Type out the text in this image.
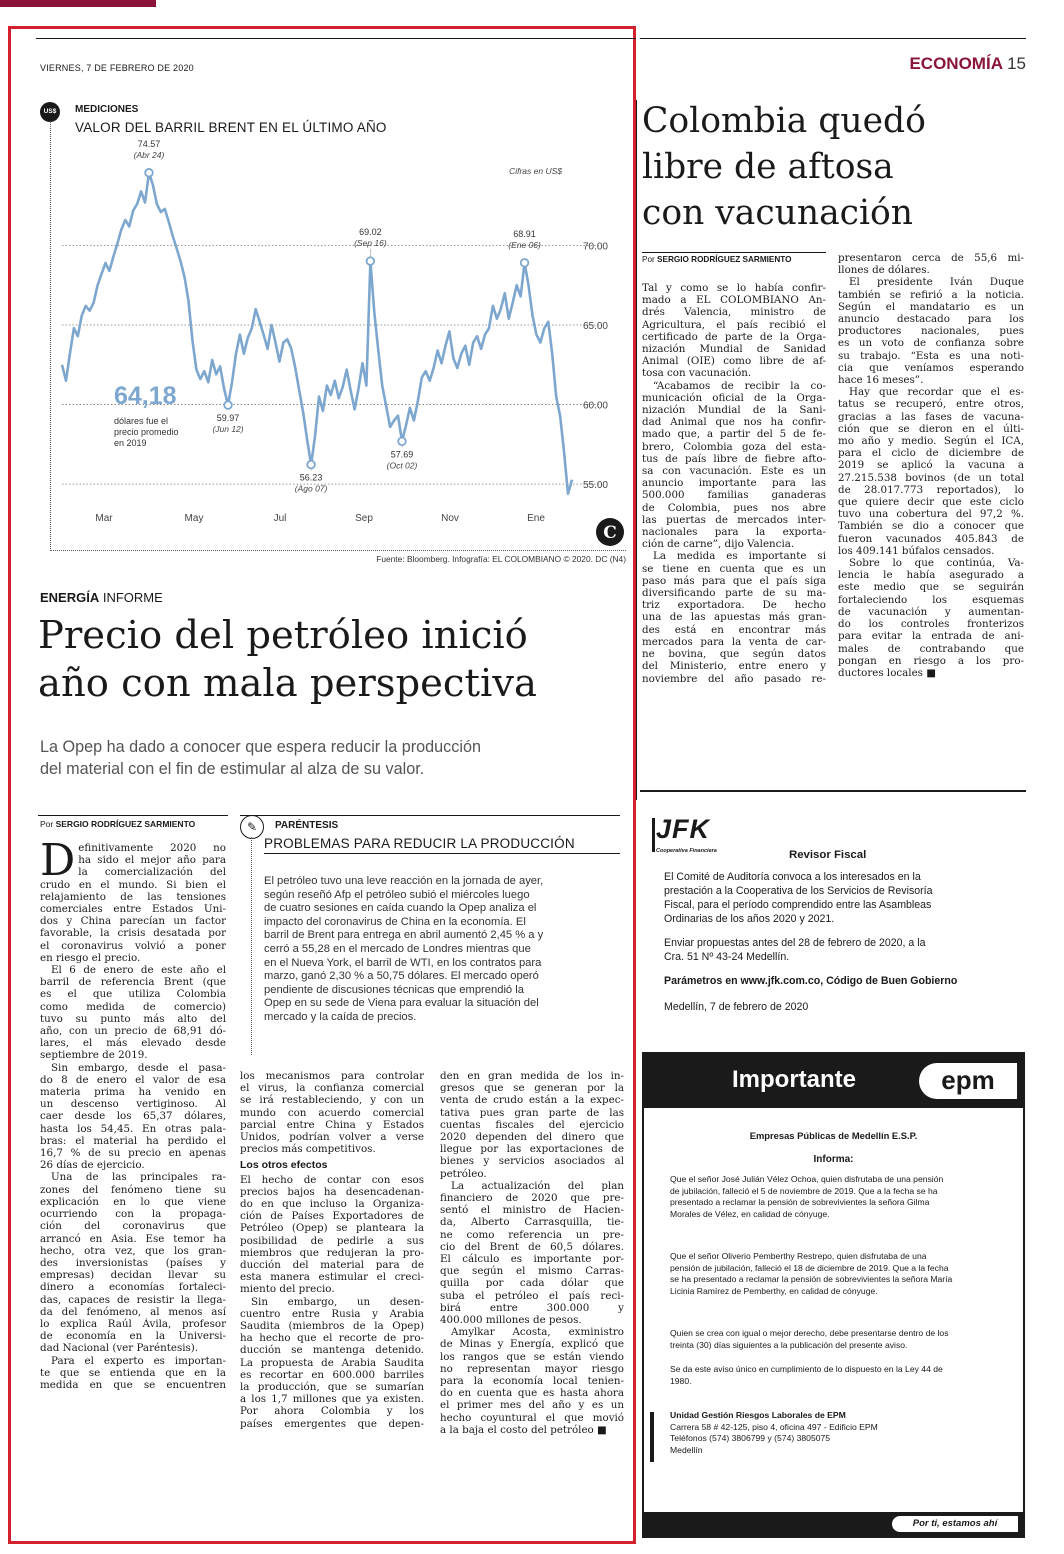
VIERNES, 7 DE FEBRERO DE 2020	ECONOMÍA 15
US$	MEDICIONES
VALOR DEL BARRIL BRENT EN EL ÚLTIMO AÑO
70.00
65.00
60.00
55.00
Mar	May	Jul	Sep	Nov	Ene
74.57
(Abr 24)
59.97
(Jun 12)
56.23
(Ago 07)
69.02
(Sep 16)
57.69
(Oct 02)
68.91
(Ene 06)
Cifras en US$
64,18
dólares fue el
precio promedio
en 2019
C
Fuente: Bloomberg. Infografía: EL COLOMBIANO © 2020. DC (N4)
ENERGÍA INFORME
Precio del petróleo inició
año con mala perspectiva
La Opep ha dado a conocer que espera reducir la producción
del material con el fin de estimular al alza de su valor.
Por SERGIO RODRÍGUEZ SARMIENTO
D efinitivamente 2020 no
ha sido el mejor año para
la comercialización del
crudo en el mundo. Si bien el
relajamiento de las tensiones
comerciales entre Estados Uni-
dos y China parecían un factor
favorable, la crisis desatada por
el coronavirus volvió a poner
en riesgo el precio.
El 6 de enero de este año el
barril de referencia Brent (que
es el que utiliza Colombia
como medida de comercio)
tuvo su punto más alto del
año, con un precio de 68,91 dó-
lares, el más elevado desde
septiembre de 2019.
Sin embargo, desde el pasa-
do 8 de enero el valor de esa
materia prima ha venido en
un descenso vertiginoso. Al
caer desde los 65,37 dólares,
hasta los 54,45. En otras pala-
bras: el material ha perdido el
16,7 % de su precio en apenas
26 días de ejercicio.
Una de las principales ra-
zones del fenómeno tiene su
explicación en lo que viene
ocurriendo con la propaga-
ción del coronavirus que
arrancó en Asia. Ese temor ha
hecho, otra vez, que los gran-
des inversionistas (países y
empresas) decidan llevar su
dinero a economías fortaleci-
das, capaces de resistir la llega-
da del fenómeno, al menos así
lo explica Raúl Ávila, profesor
de economía en la Universi-
dad Nacional (ver Paréntesis).
Para el experto es importan-
te que se entienda que en la
medida en que se encuentren
✎	PARÉNTESIS
PROBLEMAS PARA REDUCIR LA PRODUCCIÓN
El petróleo tuvo una leve reacción en la jornada de ayer,
según reseñó Afp el petróleo subió el miércoles luego
de cuatro sesiones en caída cuando la Opep analiza el
impacto del coronavirus de China en la economía. El
barril de Brent para entrega en abril aumentó 2,45 % a y
cerró a 55,28 en el mercado de Londres mientras que
en el Nueva York, el barril de WTI, en los contratos para
marzo, ganó 2,30 % a 50,75 dólares. El mercado operó
pendiente de discusiones técnicas que emprendió la
Opep en su sede de Viena para evaluar la situación del
mercado y la caída de precios.
los mecanismos para controlar
el virus, la confianza comercial
se irá restableciendo, y con un
mundo con acuerdo comercial
parcial entre China y Estados
Unidos, podrían volver a verse
precios más competitivos.
Los otros efectos
El hecho de contar con esos
precios bajos ha desencadenan-
do en que incluso la Organiza-
ción de Países Exportadores de
Petróleo (Opep) se planteara la
posibilidad de pedirle a sus
miembros que redujeran la pro-
ducción del material para de
esta manera estimular el creci-
miento del precio.
Sin embargo, un desen-
cuentro entre Rusia y Arabia
Saudita (miembros de la Opep)
ha hecho que el recorte de pro-
ducción se mantenga detenido.
La propuesta de Arabia Saudita
es recortar en 600.000 barriles
la producción, que se sumarían
a los 1,7 millones que ya existen.
Por ahora Colombia y los
países emergentes que depen-
den en gran medida de los in-
gresos que se generan por la
venta de crudo están a la expec-
tativa pues gran parte de las
cuentas fiscales del ejercicio
2020 dependen del dinero que
llegue por las exportaciones de
bienes y servicios asociados al
petróleo.
La actualización del plan
financiero de 2020 que pre-
sentó el ministro de Hacien-
da, Alberto Carrasquilla, tie-
ne como referencia un pre-
cio del Brent de 60,5 dólares.
El cálculo es importante por-
que según el mismo Carras-
quilla por cada dólar que
suba el petróleo el país reci-
birá entre 300.000 y
400.000 millones de pesos.
Amylkar Acosta, exministro
de Minas y Energía, explicó que
los rangos que se están viendo
no representan mayor riesgo
para la economía local tenien-
do en cuenta que es hasta ahora
el primer mes del año y es un
hecho coyuntural el que movió
a la baja el costo del petróleo ■
Colombia quedó
libre de aftosa
con vacunación
Por SERGIO RODRÍGUEZ SARMIENTO
Tal y como se lo había confir-
mado a EL COLOMBIANO An-
drés Valencia, ministro de
Agricultura, el país recibió el
certificado de parte de la Orga-
nización Mundial de Sanidad
Animal (OIE) como libre de af-
tosa con vacunación.
“Acabamos de recibir la co-
municación oficial de la Orga-
nización Mundial de la Sani-
dad Animal que nos ha confir-
mado que, a partir del 5 de fe-
brero, Colombia goza del esta-
tus de país libre de fiebre afto-
sa con vacunación. Este es un
anuncio importante para las
500.000 familias ganaderas
de Colombia, pues nos abre
las puertas de mercados inter-
nacionales para la exporta-
ción de carne”, dijo Valencia.
La medida es importante si
se tiene en cuenta que es un
paso más para que el país siga
diversificando parte de su ma-
triz exportadora. De hecho
una de las apuestas más gran-
des está en encontrar más
mercados para la venta de car-
ne bovina, que según datos
del Ministerio, entre enero y
noviembre del año pasado re-
presentaron cerca de 55,6 mi-
llones de dólares.
El presidente Iván Duque
también se refirió a la noticia.
Según el mandatario es un
anuncio destacado para los
productores nacionales, pues
es un voto de confianza sobre
su trabajo. “Esta es una noti-
cia que veníamos esperando
hace 16 meses”.
Hay que recordar que el es-
tatus se recuperó, entre otros,
gracias a las fases de vacuna-
ción que se dieron en el últi-
mo año y medio. Según el ICA,
para el ciclo de diciembre de
2019 se aplicó la vacuna a
27.215.538 bovinos (de un total
de 28.017.773 reportados), lo
que quiere decir que este ciclo
tuvo una cobertura del 97,2 %.
También se dio a conocer que
fueron vacunados 405.843 de
los 409.141 búfalos censados.
Sobre lo que continúa, Va-
lencia le había asegurado a
este medio que se seguirán
fortaleciendo los esquemas
de vacunación y aumentan-
do los controles fronterizos
para evitar la entrada de ani-
males de contrabando que
pongan en riesgo a los pro-
ductores locales ■
JFK
Cooperativa Financiera	Revisor Fiscal
El Comité de Auditoría convoca a los interesados en la
prestación a la Cooperativa de los Servicios de Revisoría
Fiscal, para el período comprendido entre las Asambleas
Ordinarias de los años 2020 y 2021.
Enviar propuestas antes del 28 de febrero de 2020, a la
Cra. 51 Nº 43-24 Medellín.
Parámetros en www.jfk.com.co, Código de Buen Gobierno
Medellín, 7 de febrero de 2020
Importante	epm
Empresas Públicas de Medellín E.S.P.
Informa:
Que el señor José Julián Vélez Ochoa, quien disfrutaba de una pensión
de jubilación, falleció el 5 de noviembre de 2019. Que a la fecha se ha
presentado a reclamar la pensión de sobrevivientes la señora Gilma
Morales de Vélez, en calidad de cónyuge.
Que el señor Oliverio Pemberthy Restrepo, quien disfrutaba de una
pensión de jubilación, falleció el 18 de diciembre de 2019. Que a la fecha
se ha presentado a reclamar la pensión de sobrevivientes la señora María
Licinia Ramírez de Pemberthy, en calidad de cónyuge.
Quien se crea con igual o mejor derecho, debe presentarse dentro de los
treinta (30) días siguientes a la publicación del presente aviso.
Se da este aviso único en cumplimiento de lo dispuesto en la Ley 44 de
1980.
Unidad Gestión Riesgos Laborales de EPM
Carrera 58 # 42-125, piso 4, oficina 497 - Edificio EPM
Teléfonos (574) 3806799 y (574) 3805075
Medellín
Por ti, estamos ahí
